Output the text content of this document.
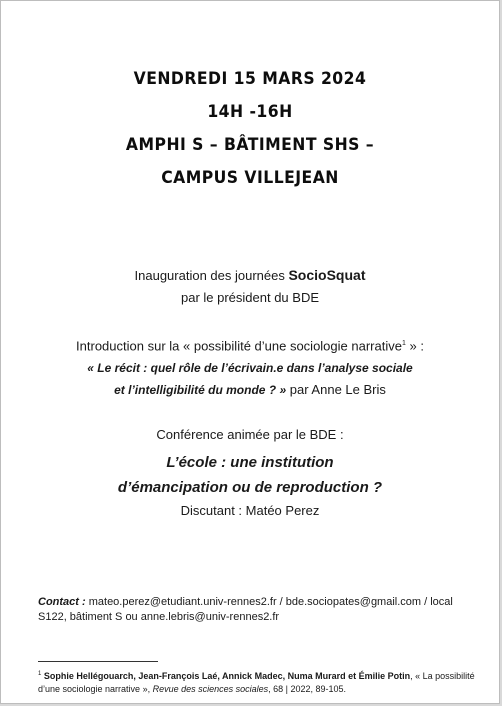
VENDREDI 15 MARS 2024
14H -16H
AMPHI S – BÂTIMENT SHS –
CAMPUS VILLEJEAN
Inauguration des journées SocioSquat
par le président du BDE
Introduction sur la « possibilité d’une sociologie narrative$^1$ » :
« Le récit : quel rôle de l’écrivain.e dans l’analyse sociale
et l’intelligibilité du monde ? » par Anne Le Bris
Conférence animée par le BDE :
L’école : une institution
d’émancipation ou de reproduction ?
Discutant : Matéo Perez
Contact : mateo.perez@etudiant.univ-rennes2.fr / bde.sociopates@gmail.com / local S122, bâtiment S ou anne.lebris@univ-rennes2.fr
$^1$ Sophie Hellégouarch, Jean-François Laé, Annick Madec, Numa Murard et Émilie Potin, « La possibilité d’une sociologie narrative », Revue des sciences sociales, 68 | 2022, 89-105.
